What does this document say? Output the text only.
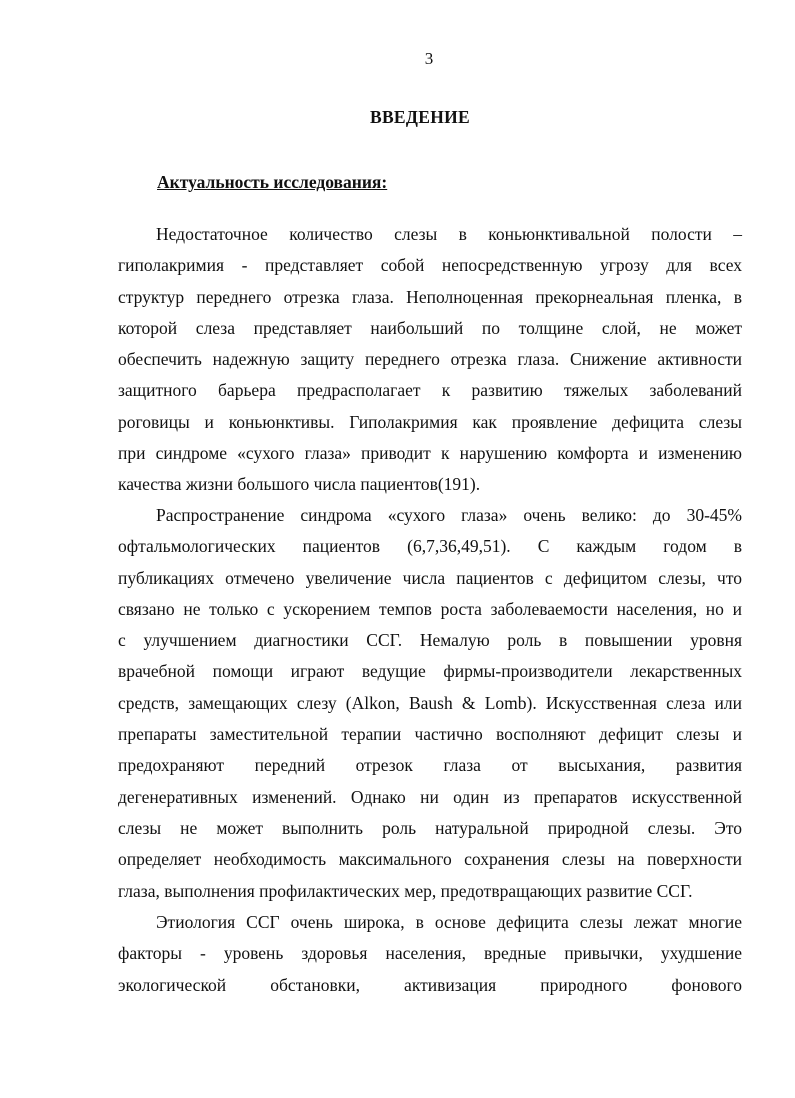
3
ВВЕДЕНИЕ
Актуальность исследования:
Недостаточное количество слезы в коньюнктивальной полости –
гиполакримия - представляет собой непосредственную угрозу для всех
структур переднего отрезка глаза. Неполноценная прекорнеальная пленка, в
которой слеза представляет наибольший по толщине слой, не может
обеспечить надежную защиту переднего отрезка глаза. Снижение активности
защитного барьера предрасполагает к развитию тяжелых заболеваний
роговицы и коньюнктивы. Гиполакримия как проявление дефицита слезы
при синдроме «сухого глаза» приводит к нарушению комфорта и изменению
качества жизни большого числа пациентов(191).
Распространение синдрома «сухого глаза» очень велико: до 30-45%
офтальмологических пациентов (6,7,36,49,51). С каждым годом в
публикациях отмечено увеличение числа пациентов с дефицитом слезы, что
связано не только с ускорением темпов роста заболеваемости населения, но и
с улучшением диагностики ССГ. Немалую роль в повышении уровня
врачебной помощи играют ведущие фирмы-производители лекарственных
средств, замещающих слезу (Alkon, Baush & Lomb). Искусственная слеза или
препараты заместительной терапии частично восполняют дефицит слезы и
предохраняют передний отрезок глаза от высыхания, развития
дегенеративных изменений. Однако ни один из препаратов искусственной
слезы не может выполнить роль натуральной природной слезы. Это
определяет необходимость максимального сохранения слезы на поверхности
глаза, выполнения профилактических мер, предотвращающих развитие ССГ.
Этиология ССГ очень широка, в основе дефицита слезы лежат многие
факторы - уровень здоровья населения, вредные привычки, ухудшение
экологической обстановки, активизация природного фонового
